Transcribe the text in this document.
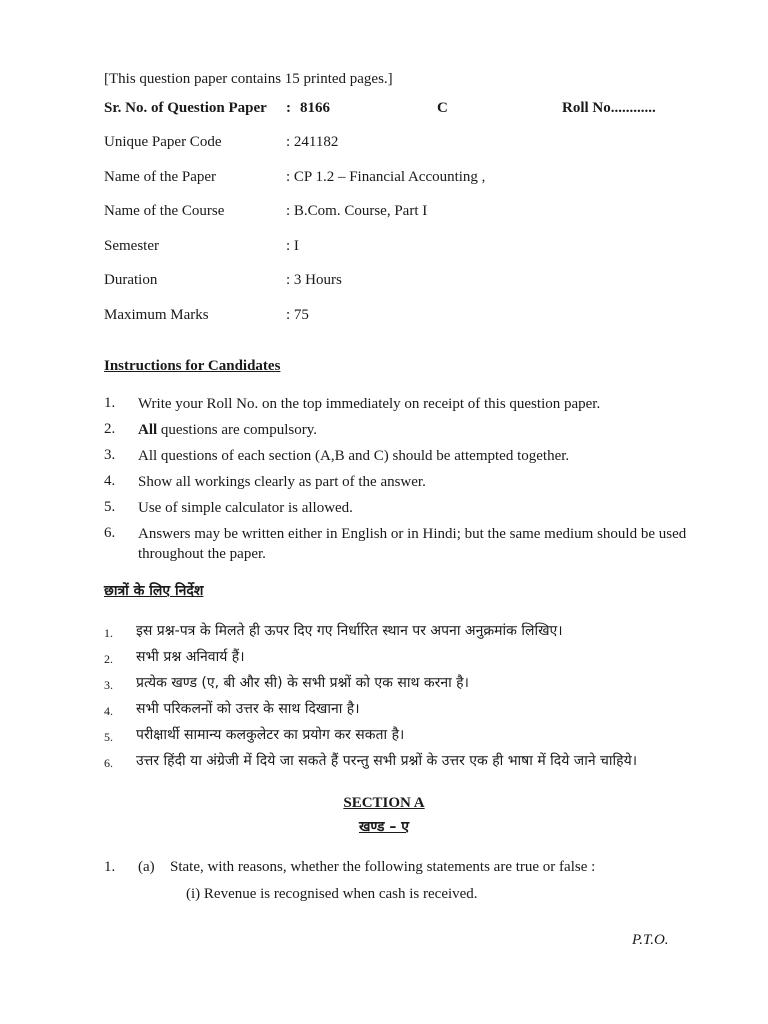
[This question paper contains 15 printed pages.]
Sr. No. of Question Paper : 8166	C	Roll No............
Unique Paper Code	: 241182
Name of the Paper	: CP 1.2 – Financial Accounting ,
Name of the Course	: B.Com. Course, Part I
Semester	: I
Duration	: 3 Hours
Maximum Marks	: 75
Instructions for Candidates
1. Write your Roll No. on the top immediately on receipt of this question paper.
2. All questions are compulsory.
3. All questions of each section (A,B and C) should be attempted together.
4. Show all workings clearly as part of the answer.
5. Use of simple calculator is allowed.
6. Answers may be written either in English or in Hindi; but the same medium should be used throughout the paper.
छात्रों के लिए निर्देश
1. इस प्रश्न-पत्र के मिलते ही ऊपर दिए गए निर्धारित स्थान पर अपना अनुक्रमांक लिखिए।
2. सभी प्रश्न अनिवार्य हैं।
3. प्रत्येक खण्ड (ए, बी और सी) के सभी प्रश्नों को एक साथ करना है।
4. सभी परिकलनों को उत्तर के साथ दिखाना है।
5. परीक्षार्थी सामान्य कलकुलेटर का प्रयोग कर सकता है।
6. उत्तर हिंदी या अंग्रेजी में दिये जा सकते हैं परन्तु सभी प्रश्नों के उत्तर एक ही भाषा में दिये जाने चाहिये।
SECTION A
खण्ड – ए
1. (a) State, with reasons, whether the following statements are true or false :
(i) Revenue is recognised when cash is received.
P.T.O.
